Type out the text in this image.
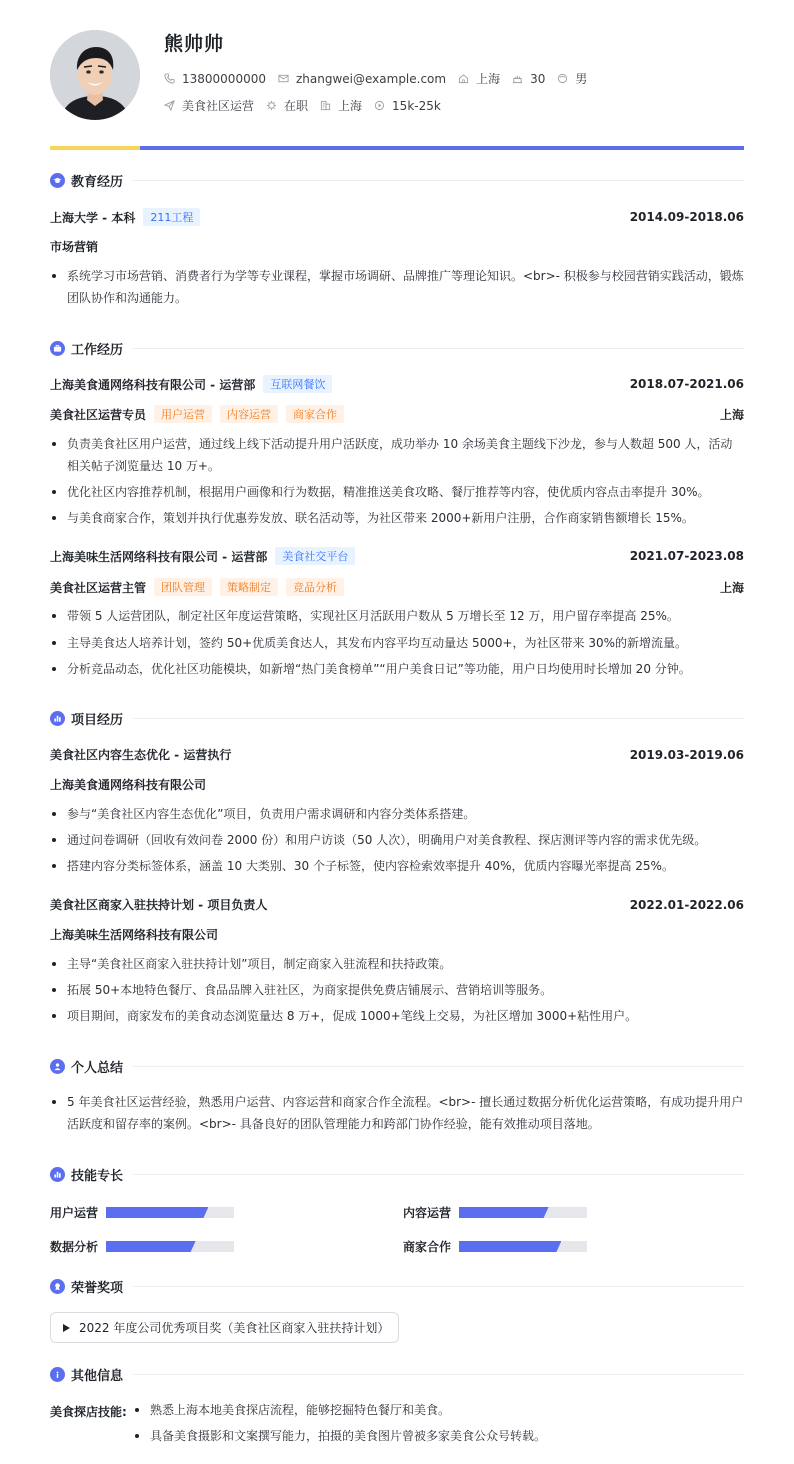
熊帅帅
13800000000	zhangwei@example.com	上海	30	男
美食社区运营	在职	上海	15k-25k
教育经历
上海大学 - 本科	211工程	2014.09-2018.06
市场营销
系统学习市场营销、消费者行为学等专业课程，掌握市场调研、品牌推广等理论知识。<br>- 积极参与校园营销实践活动，锻炼团队协作和沟通能力。
工作经历
上海美食通网络科技有限公司 - 运营部	互联网餐饮	2018.07-2021.06
美食社区运营专员	用户运营	内容运营	商家合作	上海
负责美食社区用户运营，通过线上线下活动提升用户活跃度，成功举办 10 余场美食主题线下沙龙，参与人数超 500 人，活动相关帖子浏览量达 10 万+。
优化社区内容推荐机制，根据用户画像和行为数据，精准推送美食攻略、餐厅推荐等内容，使优质内容点击率提升 30%。
与美食商家合作，策划并执行优惠券发放、联名活动等，为社区带来 2000+新用户注册，合作商家销售额增长 15%。
上海美味生活网络科技有限公司 - 运营部	美食社交平台	2021.07-2023.08
美食社区运营主管	团队管理	策略制定	竞品分析	上海
带领 5 人运营团队，制定社区年度运营策略，实现社区月活跃用户数从 5 万增长至 12 万，用户留存率提高 25%。
主导美食达人培养计划，签约 50+优质美食达人，其发布内容平均互动量达 5000+，为社区带来 30%的新增流量。
分析竞品动态，优化社区功能模块，如新增“热门美食榜单”“用户美食日记”等功能，用户日均使用时长增加 20 分钟。
项目经历
美食社区内容生态优化 - 运营执行	2019.03-2019.06
上海美食通网络科技有限公司
参与“美食社区内容生态优化”项目，负责用户需求调研和内容分类体系搭建。
通过问卷调研（回收有效问卷 2000 份）和用户访谈（50 人次），明确用户对美食教程、探店测评等内容的需求优先级。
搭建内容分类标签体系，涵盖 10 大类别、30 个子标签，使内容检索效率提升 40%，优质内容曝光率提高 25%。
美食社区商家入驻扶持计划 - 项目负责人	2022.01-2022.06
上海美味生活网络科技有限公司
主导“美食社区商家入驻扶持计划”项目，制定商家入驻流程和扶持政策。
拓展 50+本地特色餐厅、食品品牌入驻社区，为商家提供免费店铺展示、营销培训等服务。
项目期间，商家发布的美食动态浏览量达 8 万+，促成 1000+笔线上交易，为社区增加 3000+粘性用户。
个人总结
5 年美食社区运营经验，熟悉用户运营、内容运营和商家合作全流程。<br>- 擅长通过数据分析优化运营策略，有成功提升用户活跃度和留存率的案例。<br>- 具备良好的团队管理能力和跨部门协作经验，能有效推动项目落地。
技能专长
用户运营	内容运营
数据分析	商家合作
荣誉奖项
2022 年度公司优秀项目奖（美食社区商家入驻扶持计划）
其他信息
美食探店技能:	熟悉上海本地美食探店流程，能够挖掘特色餐厅和美食。
具备美食摄影和文案撰写能力，拍摄的美食图片曾被多家美食公众号转载。
